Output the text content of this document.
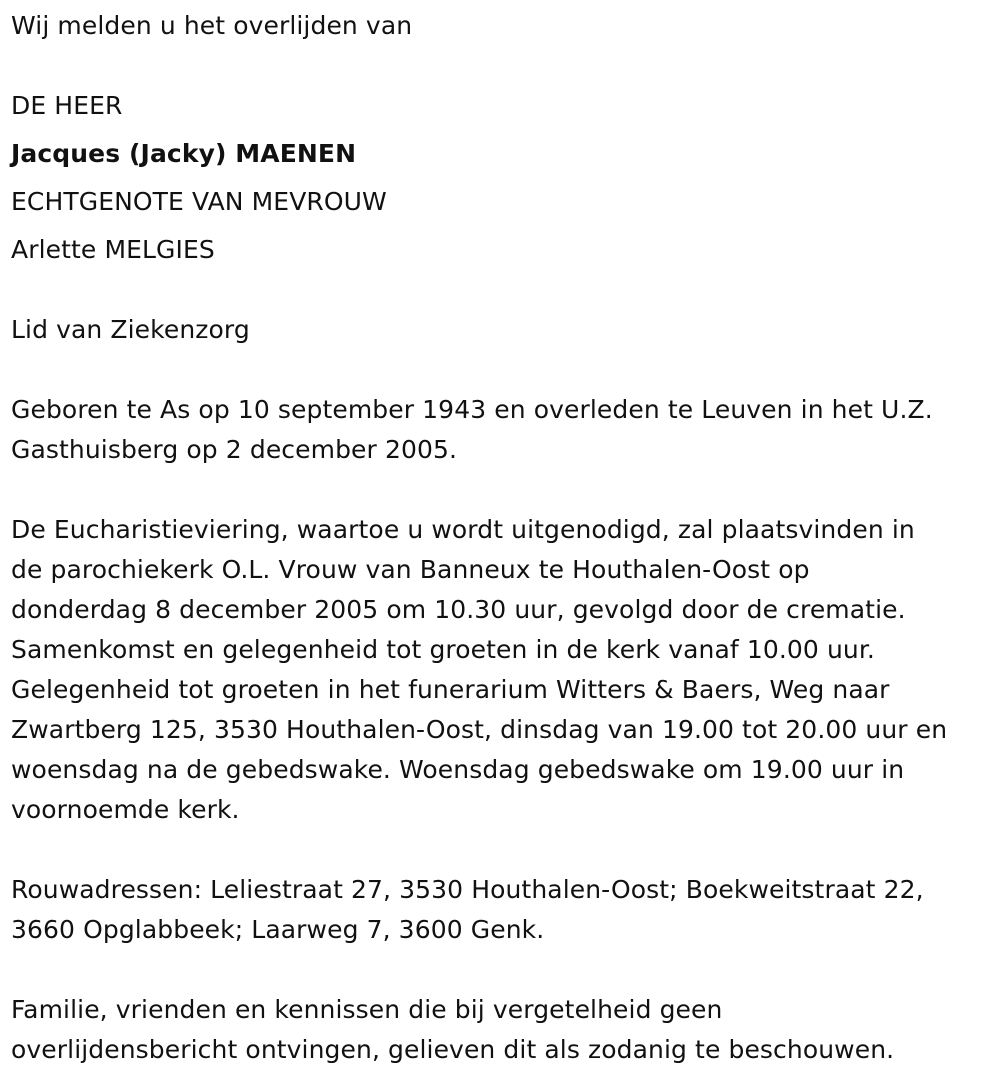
Wij melden u het overlijden van
DE HEER
Jacques (Jacky) MAENEN
ECHTGENOTE VAN MEVROUW
Arlette MELGIES
Lid van Ziekenzorg
Geboren te As op 10 september 1943 en overleden te Leuven in het U.Z.
Gasthuisberg op 2 december 2005.
De Eucharistieviering, waartoe u wordt uitgenodigd, zal plaatsvinden in
de parochiekerk O.L. Vrouw van Banneux te Houthalen-Oost op
donderdag 8 december 2005 om 10.30 uur, gevolgd door de crematie.
Samenkomst en gelegenheid tot groeten in de kerk vanaf 10.00 uur.
Gelegenheid tot groeten in het funerarium Witters & Baers, Weg naar
Zwartberg 125, 3530 Houthalen-Oost, dinsdag van 19.00 tot 20.00 uur en
woensdag na de gebedswake. Woensdag gebedswake om 19.00 uur in
voornoemde kerk.
Rouwadressen: Leliestraat 27, 3530 Houthalen-Oost; Boekweitstraat 22,
3660 Opglabbeek; Laarweg 7, 3600 Genk.
Familie, vrienden en kennissen die bij vergetelheid geen
overlijdensbericht ontvingen, gelieven dit als zodanig te beschouwen.
